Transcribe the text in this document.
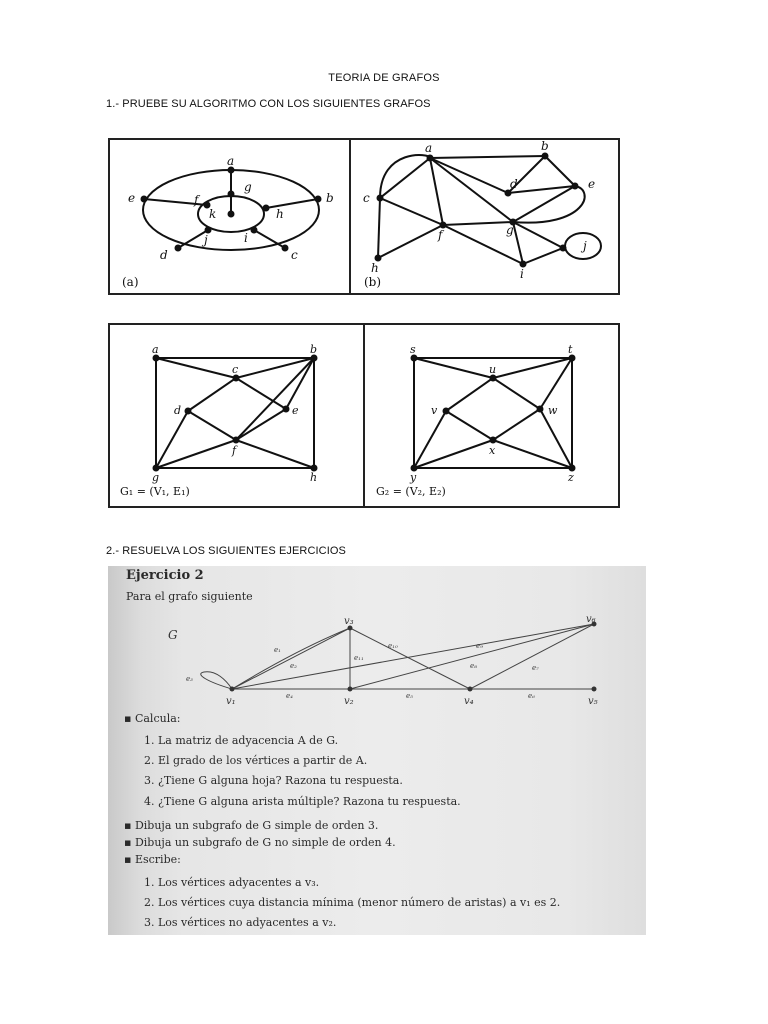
TEORIA DE GRAFOS
1.- PRUEBE SU ALGORITMO CON LOS SIGUIENTES GRAFOS
a
b
c
d
e	f
g
h
i
j
k
(a)
a	b
c
d	e
f	g
h	i
j
(b)
a	b
c
d	e
f
g	h
G₁ = (V₁, E₁)
s	t
u
v	w
x
y	z
G₂ = (V₂, E₂)
2.- RESUELVA LOS SIGUIENTES EJERCICIOS
Ejercicio 2
Para el grafo siguiente
G
v₁	v₂
v₃
v₄	v₅
v₆
e₁
e₂
e₃
e₄	e₅	e₆
e₇
e₈
e₉
e₁₀
e₁₁
▪ Calcula:
1. La matriz de adyacencia A de G.
2. El grado de los vértices a partir de A.
3. ¿Tiene G alguna hoja? Razona tu respuesta.
4. ¿Tiene G alguna arista múltiple? Razona tu respuesta.
▪ Dibuja un subgrafo de G simple de orden 3.
▪ Dibuja un subgrafo de G no simple de orden 4.
▪ Escribe:
1. Los vértices adyacentes a v₃.
2. Los vértices cuya distancia mínima (menor número de aristas) a v₁ es 2.
3. Los vértices no adyacentes a v₂.
